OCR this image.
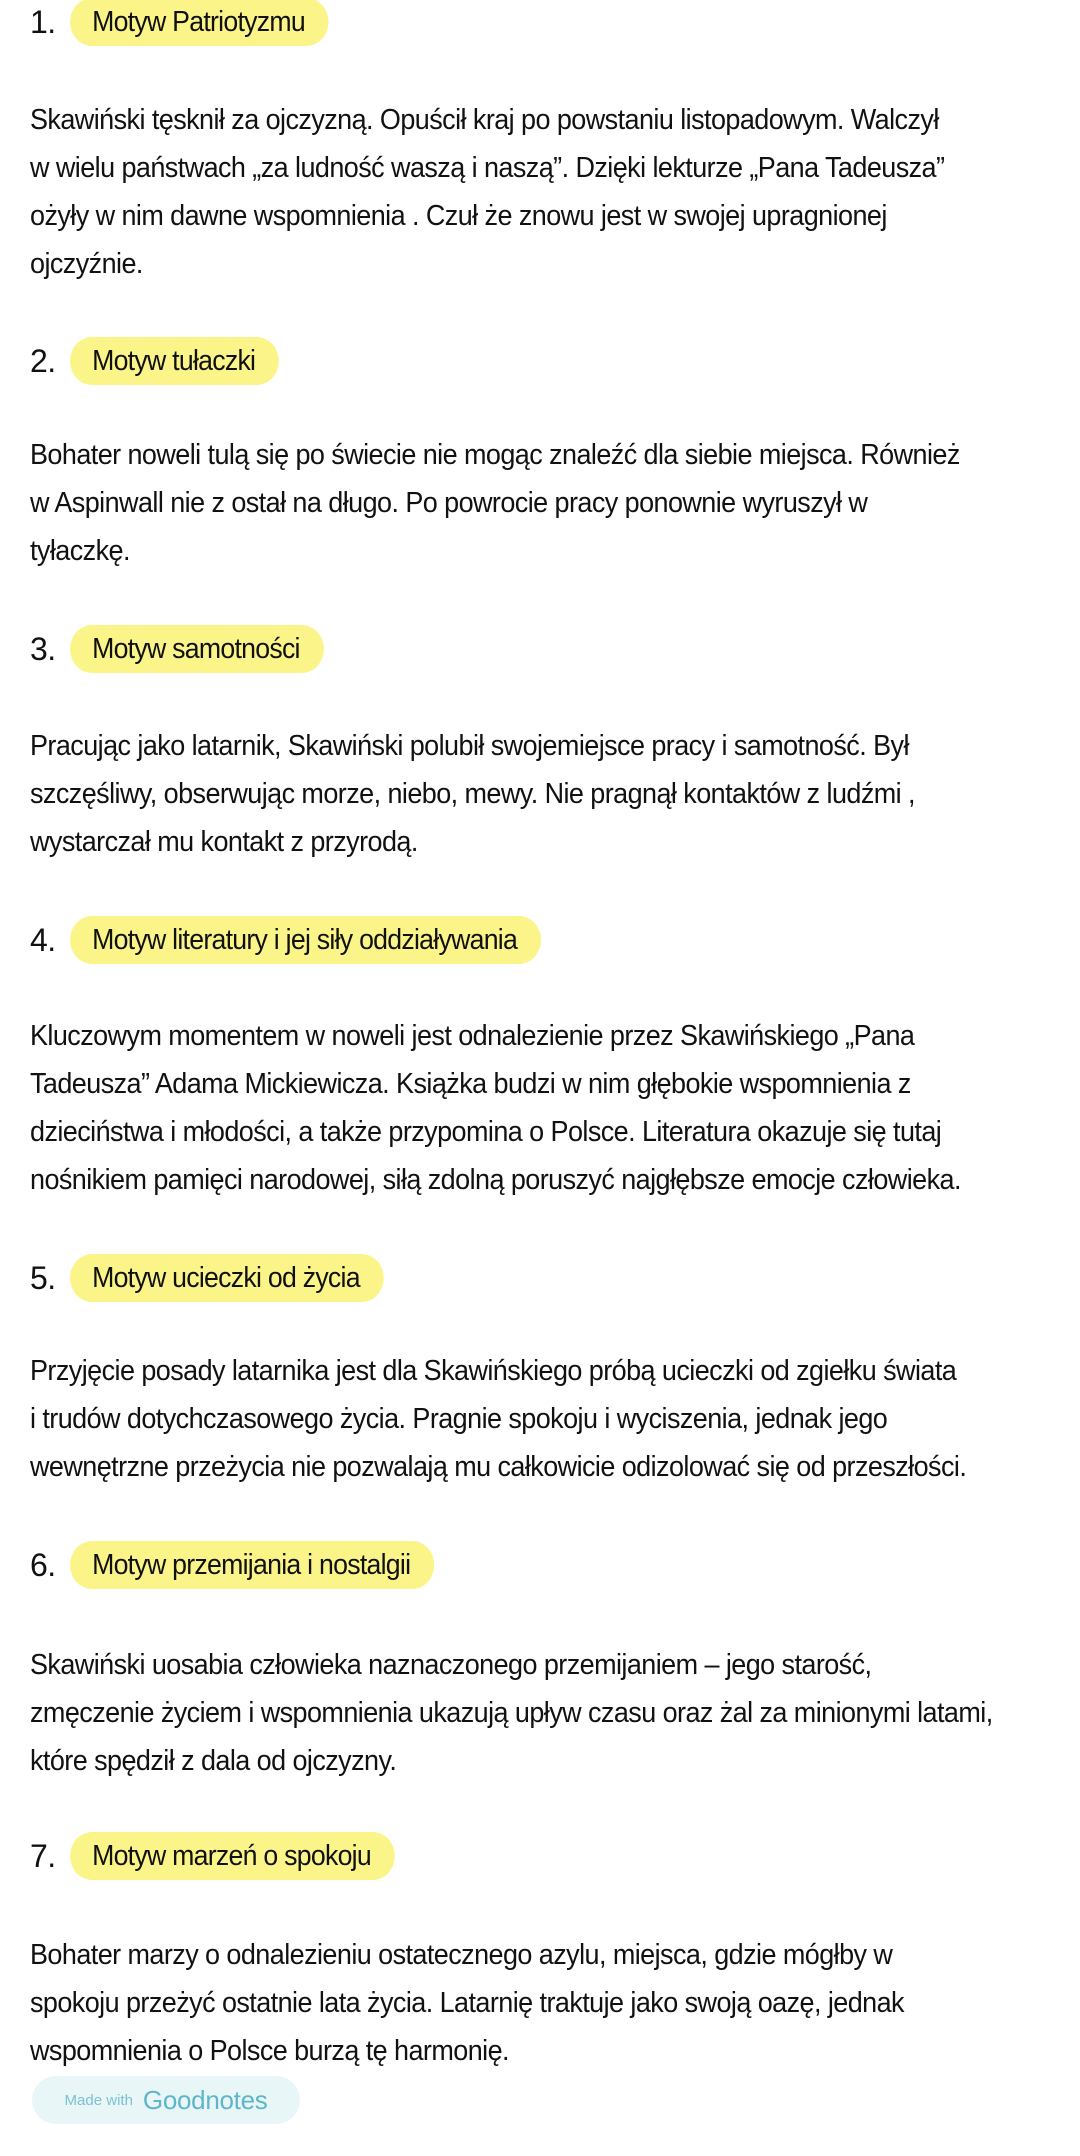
1.	Motyw Patriotyzmu
Skawiński tęsknił za ojczyzną. Opuścił kraj po powstaniu listopadowym. Walczył
w wielu państwach „za ludność waszą i naszą”. Dzięki lekturze „Pana Tadeusza”
ożyły w nim dawne wspomnienia . Czuł że znowu jest w swojej upragnionej
ojczyźnie.
2.	Motyw tułaczki
Bohater noweli tulą się po świecie nie mogąc znaleźć dla siebie miejsca. Również
w Aspinwall nie z ostał na długo. Po powrocie pracy ponownie wyruszył w
tyłaczkę.
3.	Motyw samotności
Pracując jako latarnik, Skawiński polubił swojemiejsce pracy i samotność. Był
szczęśliwy, obserwując morze, niebo, mewy. Nie pragnął kontaktów z ludźmi ,
wystarczał mu kontakt z przyrodą.
4.	Motyw literatury i jej siły oddziaływania
Kluczowym momentem w noweli jest odnalezienie przez Skawińskiego „Pana
Tadeusza” Adama Mickiewicza. Książka budzi w nim głębokie wspomnienia z
dzieciństwa i młodości, a także przypomina o Polsce. Literatura okazuje się tutaj
nośnikiem pamięci narodowej, siłą zdolną poruszyć najgłębsze emocje człowieka.
5.	Motyw ucieczki od życia
Przyjęcie posady latarnika jest dla Skawińskiego próbą ucieczki od zgiełku świata
i trudów dotychczasowego życia. Pragnie spokoju i wyciszenia, jednak jego
wewnętrzne przeżycia nie pozwalają mu całkowicie odizolować się od przeszłości.
6.	Motyw przemijania i nostalgii
Skawiński uosabia człowieka naznaczonego przemijaniem – jego starość,
zmęczenie życiem i wspomnienia ukazują upływ czasu oraz żal za minionymi latami,
które spędził z dala od ojczyzny.
7.	Motyw marzeń o spokoju
Bohater marzy o odnalezieniu ostatecznego azylu, miejsca, gdzie mógłby w
spokoju przeżyć ostatnie lata życia. Latarnię traktuje jako swoją oazę, jednak
wspomnienia o Polsce burzą tę harmonię.
Made with Goodnotes
